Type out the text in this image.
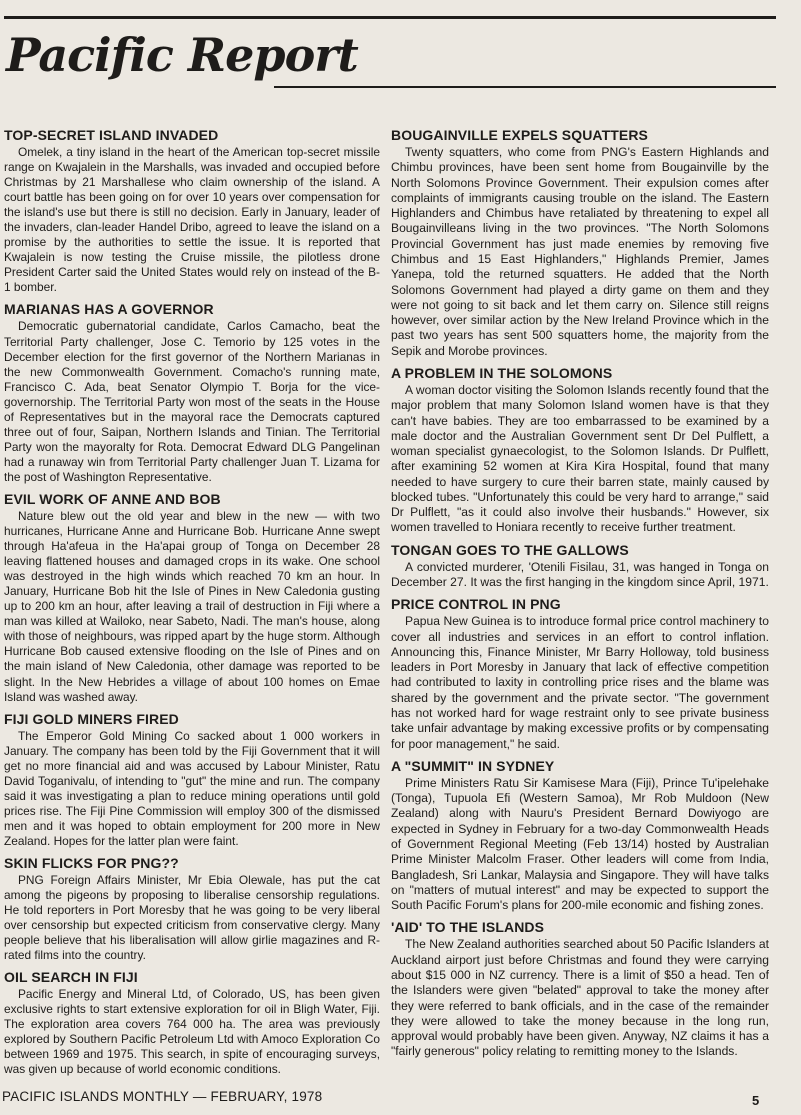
Pacific Report
TOP-SECRET ISLAND INVADED

Omelek, a tiny island in the heart of the American top-secret missile range on Kwajalein in the Marshalls, was invaded and occupied before Christmas by 21 Marshallese who claim ownership of the island. A court battle has been going on for over 10 years over compensation for the island's use but there is still no decision. Early in January, leader of the invaders, clan-leader Handel Dribo, agreed to leave the island on a promise by the authorities to settle the issue. It is reported that Kwajalein is now testing the Cruise missile, the pilotless drone President Carter said the United States would rely on instead of the B-1 bomber.

MARIANAS HAS A GOVERNOR

Democratic gubernatorial candidate, Carlos Camacho, beat the Territorial Party challenger, Jose C. Temorio by 125 votes in the December election for the first governor of the Northern Marianas in the new Commonwealth Government. Comacho's running mate, Francisco C. Ada, beat Senator Olympio T. Borja for the vice-governorship. The Territorial Party won most of the seats in the House of Representatives but in the mayoral race the Democrats captured three out of four, Saipan, Northern Islands and Tinian. The Territorial Party won the mayoralty for Rota. Democrat Edward DLG Pangelinan had a runaway win from Territorial Party challenger Juan T. Lizama for the post of Washington Representative.

EVIL WORK OF ANNE AND BOB

Nature blew out the old year and blew in the new — with two hurricanes, Hurricane Anne and Hurricane Bob. Hurricane Anne swept through Ha'afeua in the Ha'apai group of Tonga on December 28 leaving flattened houses and damaged crops in its wake. One school was destroyed in the high winds which reached 70 km an hour. In January, Hurricane Bob hit the Isle of Pines in New Caledonia gusting up to 200 km an hour, after leaving a trail of destruction in Fiji where a man was killed at Wailoko, near Sabeto, Nadi. The man's house, along with those of neighbours, was ripped apart by the huge storm. Although Hurricane Bob caused extensive flooding on the Isle of Pines and on the main island of New Caledonia, other damage was reported to be slight. In the New Hebrides a village of about 100 homes on Emae Island was washed away.

FIJI GOLD MINERS FIRED

The Emperor Gold Mining Co sacked about 1 000 workers in January. The company has been told by the Fiji Government that it will get no more financial aid and was accused by Labour Minister, Ratu David Toganivalu, of intending to "gut" the mine and run. The company said it was investigating a plan to reduce mining operations until gold prices rise. The Fiji Pine Commission will employ 300 of the dismissed men and it was hoped to obtain employment for 200 more in New Zealand. Hopes for the latter plan were faint.

SKIN FLICKS FOR PNG??

PNG Foreign Affairs Minister, Mr Ebia Olewale, has put the cat among the pigeons by proposing to liberalise censorship regulations. He told reporters in Port Moresby that he was going to be very liberal over censorship but expected criticism from conservative clergy. Many people believe that his liberalisation will allow girlie magazines and R-rated films into the country.

OIL SEARCH IN FIJI

Pacific Energy and Mineral Ltd, of Colorado, US, has been given exclusive rights to start extensive exploration for oil in Bligh Water, Fiji. The exploration area covers 764 000 ha. The area was previously explored by Southern Pacific Petroleum Ltd with Amoco Exploration Co between 1969 and 1975. This search, in spite of encouraging surveys, was given up because of world economic conditions.

BOUGAINVILLE EXPELS SQUATTERS

Twenty squatters, who come from PNG's Eastern Highlands and Chimbu provinces, have been sent home from Bougainville by the North Solomons Province Government. Their expulsion comes after complaints of immigrants causing trouble on the island. The Eastern Highlanders and Chimbus have retaliated by threatening to expel all Bougainvilleans living in the two provinces. "The North Solomons Provincial Government has just made enemies by removing five Chimbus and 15 East Highlanders," Highlands Premier, James Yanepa, told the returned squatters. He added that the North Solomons Government had played a dirty game on them and they were not going to sit back and let them carry on. Silence still reigns however, over similar action by the New Ireland Province which in the past two years has sent 500 squatters home, the majority from the Sepik and Morobe provinces.

A PROBLEM IN THE SOLOMONS

A woman doctor visiting the Solomon Islands recently found that the major problem that many Solomon Island women have is that they can't have babies. They are too embarrassed to be examined by a male doctor and the Australian Government sent Dr Del Pulflett, a woman specialist gynaecologist, to the Solomon Islands. Dr Pulflett, after examining 52 women at Kira Kira Hospital, found that many needed to have surgery to cure their barren state, mainly caused by blocked tubes. "Unfortunately this could be very hard to arrange," said Dr Pulflett, "as it could also involve their husbands." However, six women travelled to Honiara recently to receive further treatment.

TONGAN GOES TO THE GALLOWS

A convicted murderer, 'Otenili Fisilau, 31, was hanged in Tonga on December 27. It was the first hanging in the kingdom since April, 1971.

PRICE CONTROL IN PNG

Papua New Guinea is to introduce formal price control machinery to cover all industries and services in an effort to control inflation. Announcing this, Finance Minister, Mr Barry Holloway, told business leaders in Port Moresby in January that lack of effective competition had contributed to laxity in controlling price rises and the blame was shared by the government and the private sector. "The government has not worked hard for wage restraint only to see private business take unfair advantage by making excessive profits or by compensating for poor management," he said.

A "SUMMIT" IN SYDNEY

Prime Ministers Ratu Sir Kamisese Mara (Fiji), Prince Tu'ipelehake (Tonga), Tupuola Efi (Western Samoa), Mr Rob Muldoon (New Zealand) along with Nauru's President Bernard Dowiyogo are expected in Sydney in February for a two-day Commonwealth Heads of Government Regional Meeting (Feb 13/14) hosted by Australian Prime Minister Malcolm Fraser. Other leaders will come from India, Bangladesh, Sri Lankar, Malaysia and Singapore. They will have talks on "matters of mutual interest" and may be expected to support the South Pacific Forum's plans for 200-mile economic and fishing zones.

'AID' TO THE ISLANDS

The New Zealand authorities searched about 50 Pacific Islanders at Auckland airport just before Christmas and found they were carrying about $15 000 in NZ currency. There is a limit of $50 a head. Ten of the Islanders were given "belated" approval to take the money after they were referred to bank officials, and in the case of the remainder they were allowed to take the money because in the long run, approval would probably have been given. Anyway, NZ claims it has a "fairly generous" policy relating to remitting money to the Islands.

PACIFIC ISLANDS MONTHLY — FEBRUARY, 1978	5
